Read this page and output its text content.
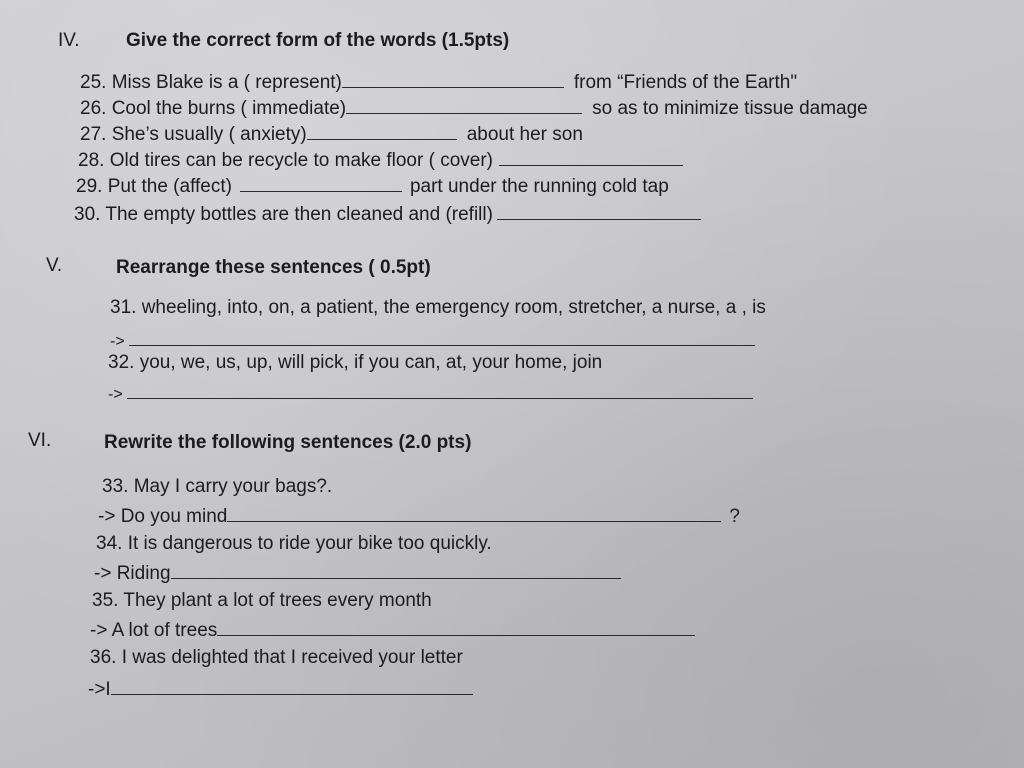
IV. Give the correct form of the words (1.5pts)
25. Miss Blake is a ( represent)	from “Friends of the Earth"
26. Cool the burns ( immediate)	so as to minimize tissue damage
27. She’s usually ( anxiety)	about her son
28. Old tires can be recycle to make floor ( cover)
29. Put the (affect)	part under the running cold tap
30. The empty bottles are then cleaned and (refill)
V.	Rearrange these sentences ( 0.5pt)
31. wheeling, into, on, a patient, the emergency room, stretcher, a nurse, a , is
->
32. you, we, us, up, will pick, if you can, at, your home, join
->
VI.	Rewrite the following sentences (2.0 pts)
33. May I carry your bags?.
-> Do you mind	?
34. It is dangerous to ride your bike too quickly.
-> Riding
35. They plant a lot of trees every month
-> A lot of trees
36. I was delighted that I received your letter
->I
